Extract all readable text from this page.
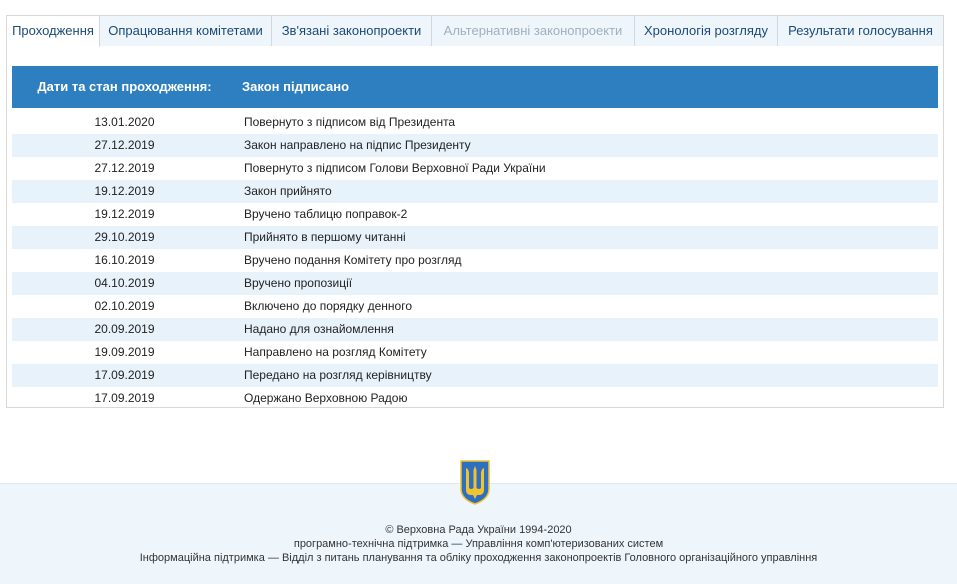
Проходження	Опрацювання комітетами	Зв'язані законопроекти	Альтернативні законопроекти	Хронологія розгляду	Результати голосування
Дати та стан проходження:	Закон підписано
13.01.2020	Повернуто з підписом від Президента
27.12.2019	Закон направлено на підпис Президенту
27.12.2019	Повернуто з підписом Голови Верховної Ради України
19.12.2019	Закон прийнято
19.12.2019	Вручено таблицю поправок-2
29.10.2019	Прийнято в першому читанні
16.10.2019	Вручено подання Комітету про розгляд
04.10.2019	Вручено пропозиції
02.10.2019	Включено до порядку денного
20.09.2019	Надано для ознайомлення
19.09.2019	Направлено на розгляд Комітету
17.09.2019	Передано на розгляд керівництву
17.09.2019	Одержано Верховною Радою
© Верховна Рада України 1994-2020
програмно-технічна підтримка — Управління комп'ютеризованих систем
Інформаційна підтримка — Відділ з питань планування та обліку проходження законопроектів Головного організаційного управління
